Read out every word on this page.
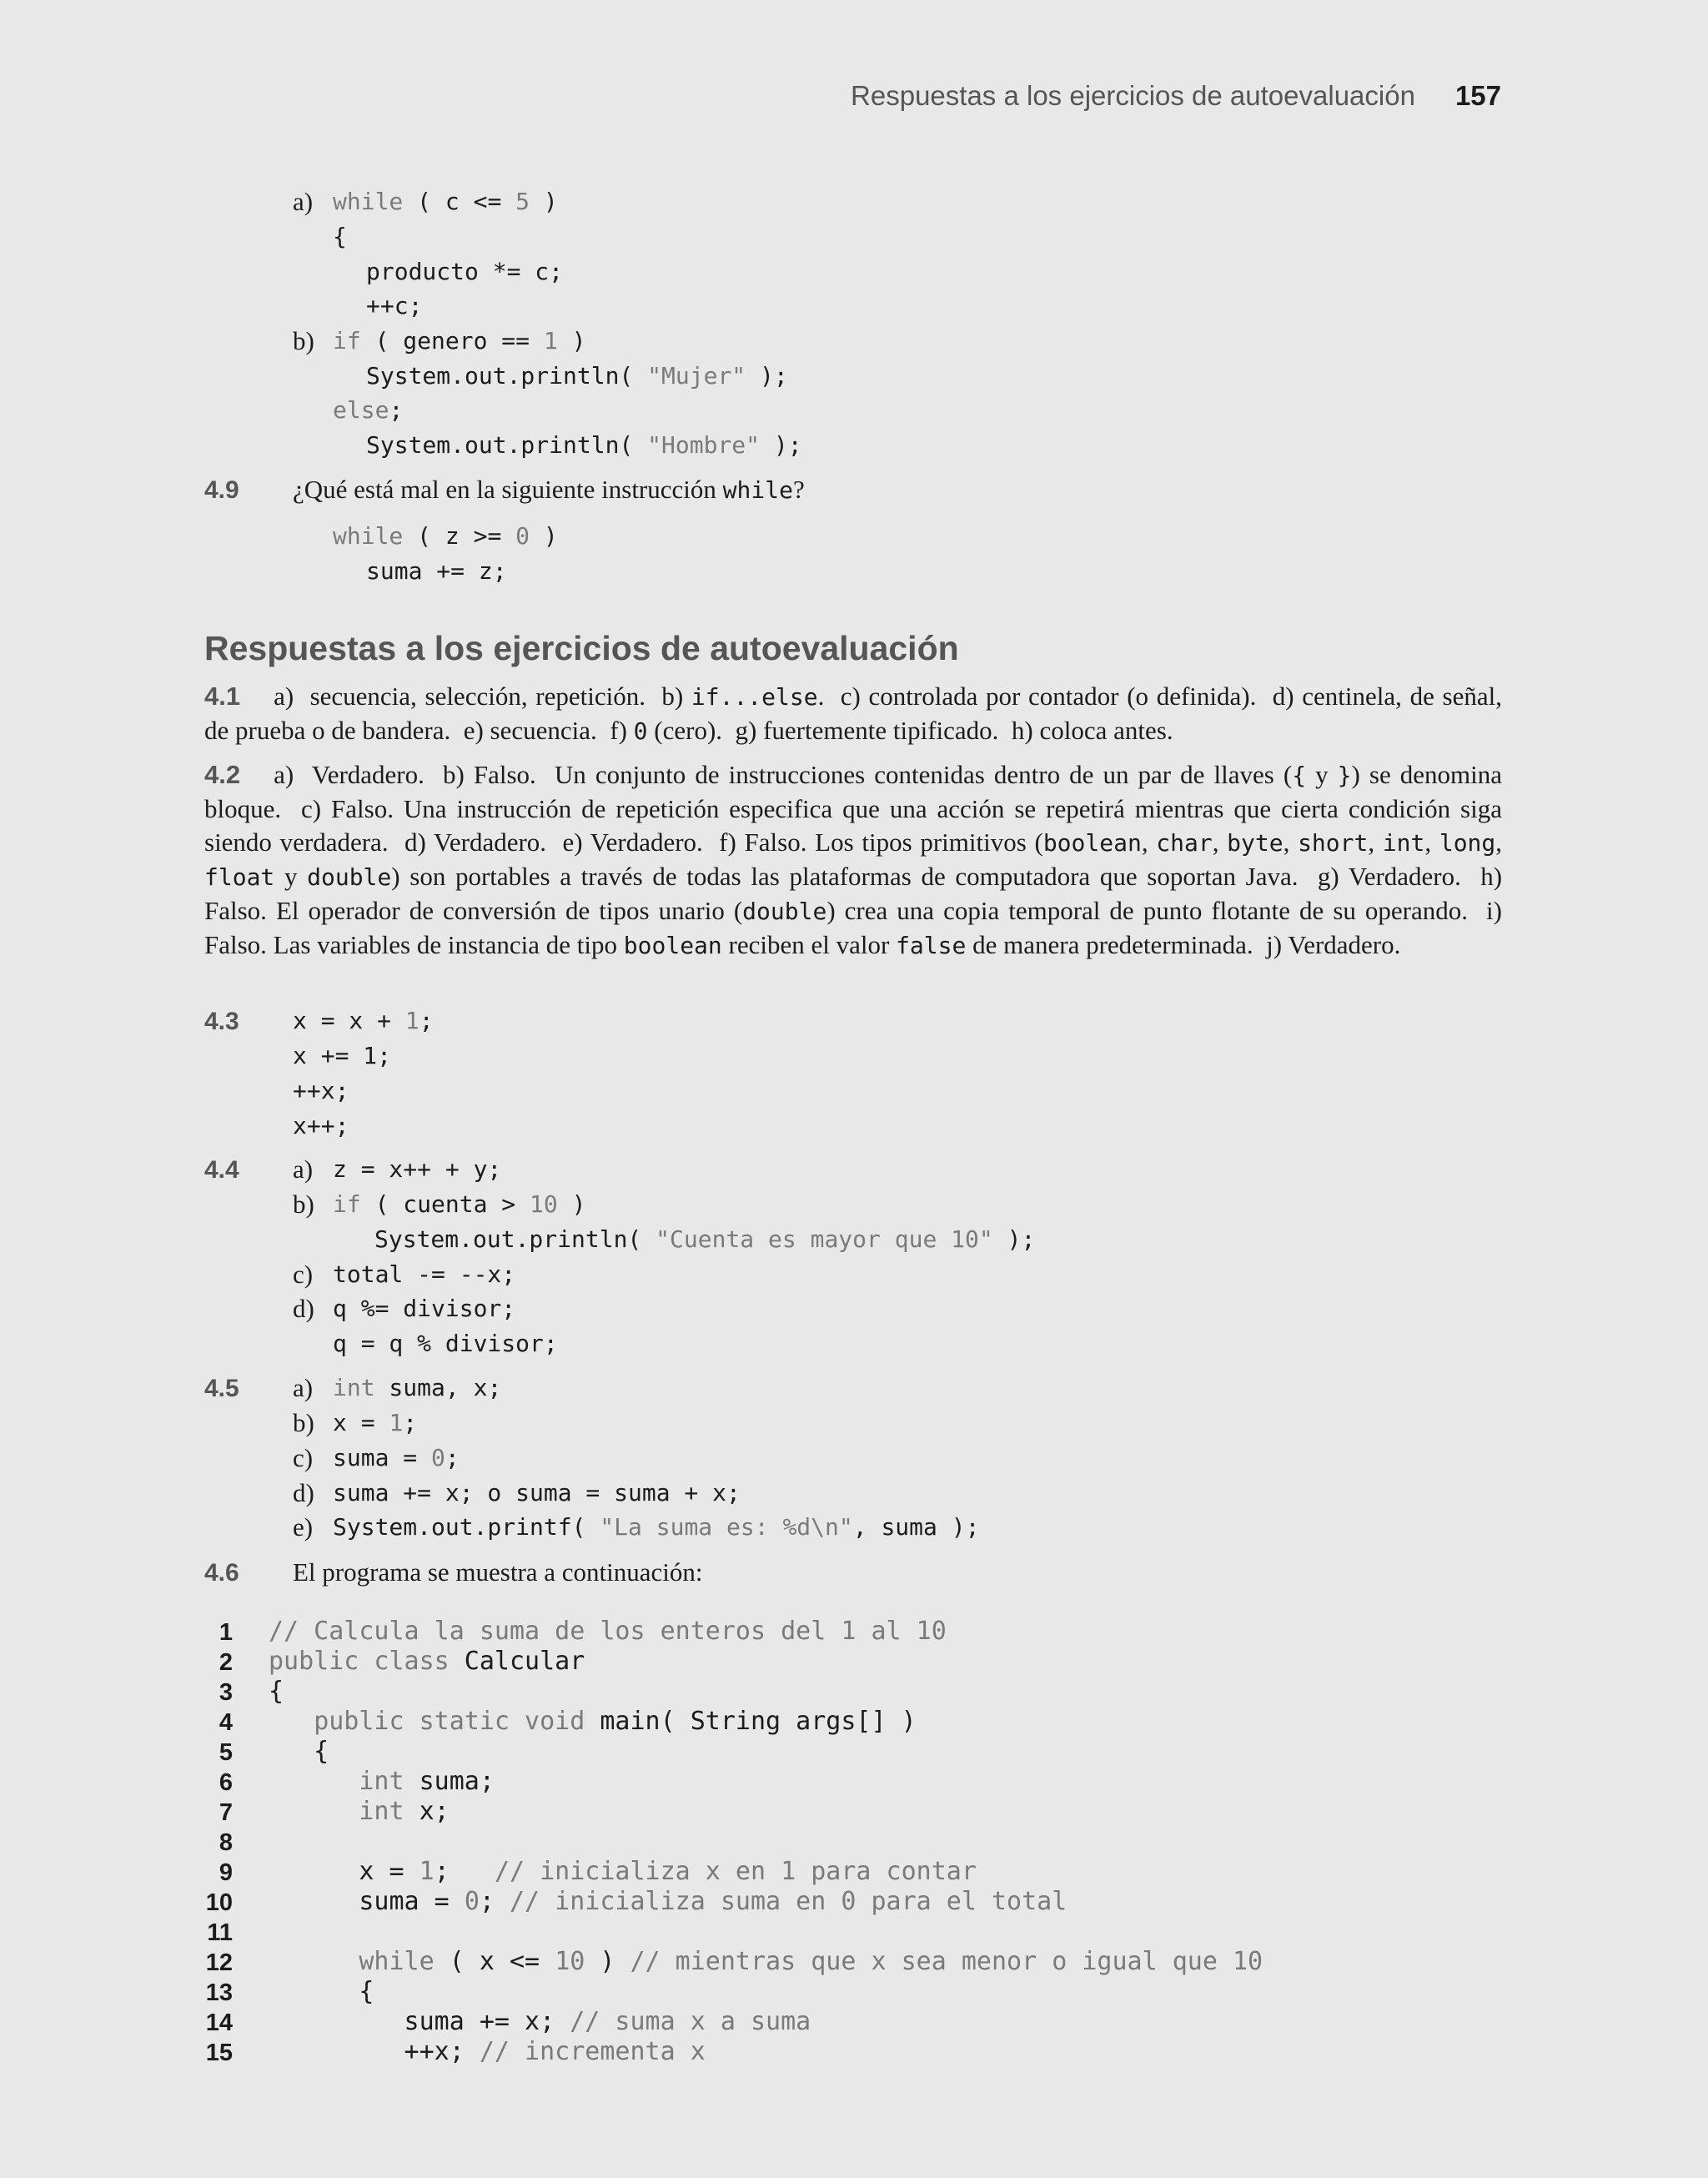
Respuestas a los ejercicios de autoevaluación 157
a) while ( c <= 5 )
{
producto *= c;
++c;
b) if ( genero == 1 )
System.out.println( "Mujer" );
else;
System.out.println( "Hombre" );
4.9 ¿Qué está mal en la siguiente instrucción while?
while ( z >= 0 )
suma += z;
Respuestas a los ejercicios de autoevaluación
4.1 a)  secuencia, selección, repetición.  b) if...else.  c) controlada por contador (o definida).  d) centinela, de señal, de prueba o de bandera.  e) secuencia.  f) 0 (cero).  g) fuertemente tipificado.  h) coloca antes.
4.2 a)  Verdadero.  b) Falso.  Un conjunto de instrucciones contenidas dentro de un par de llaves ({ y }) se denomina bloque.  c) Falso. Una instrucción de repetición especifica que una acción se repetirá mientras que cierta condición siga siendo verdadera.  d) Verdadero.  e) Verdadero.  f) Falso. Los tipos primitivos (boolean, char, byte, short, int, long, float y double) son portables a través de todas las plataformas de computadora que soportan Java.  g) Verdadero.  h) Falso. El operador de conversión de tipos unario (double) crea una copia temporal de punto flotante de su operando.  i) Falso. Las variables de instancia de tipo boolean reciben el valor false de manera predeterminada.  j) Verdadero.
4.3 x = x + 1;
x += 1;
++x;
x++;
4.4 a) z = x++ + y;
b) if ( cuenta > 10 )
System.out.println( "Cuenta es mayor que 10" );
c) total -= --x;
d) q %= divisor;
q = q % divisor;
4.5 a) int suma, x;
b) x = 1;
c) suma = 0;
d) suma += x; o suma = suma + x;
e) System.out.printf( "La suma es: %d\n", suma );
4.6 El programa se muestra a continuación:
1 // Calcula la suma de los enteros del 1 al 10
2 public class Calcular
3 {
4	public static void main( String args[] )
5 {
6	int suma;
7	int x;
8
9 x = 1;   // inicializa x en 1 para contar
10 suma = 0; // inicializa suma en 0 para el total
11
12	while ( x <= 10 ) // mientras que x sea menor o igual que 10
13 {
14 suma += x; // suma x a suma
15 ++x; // incrementa x
